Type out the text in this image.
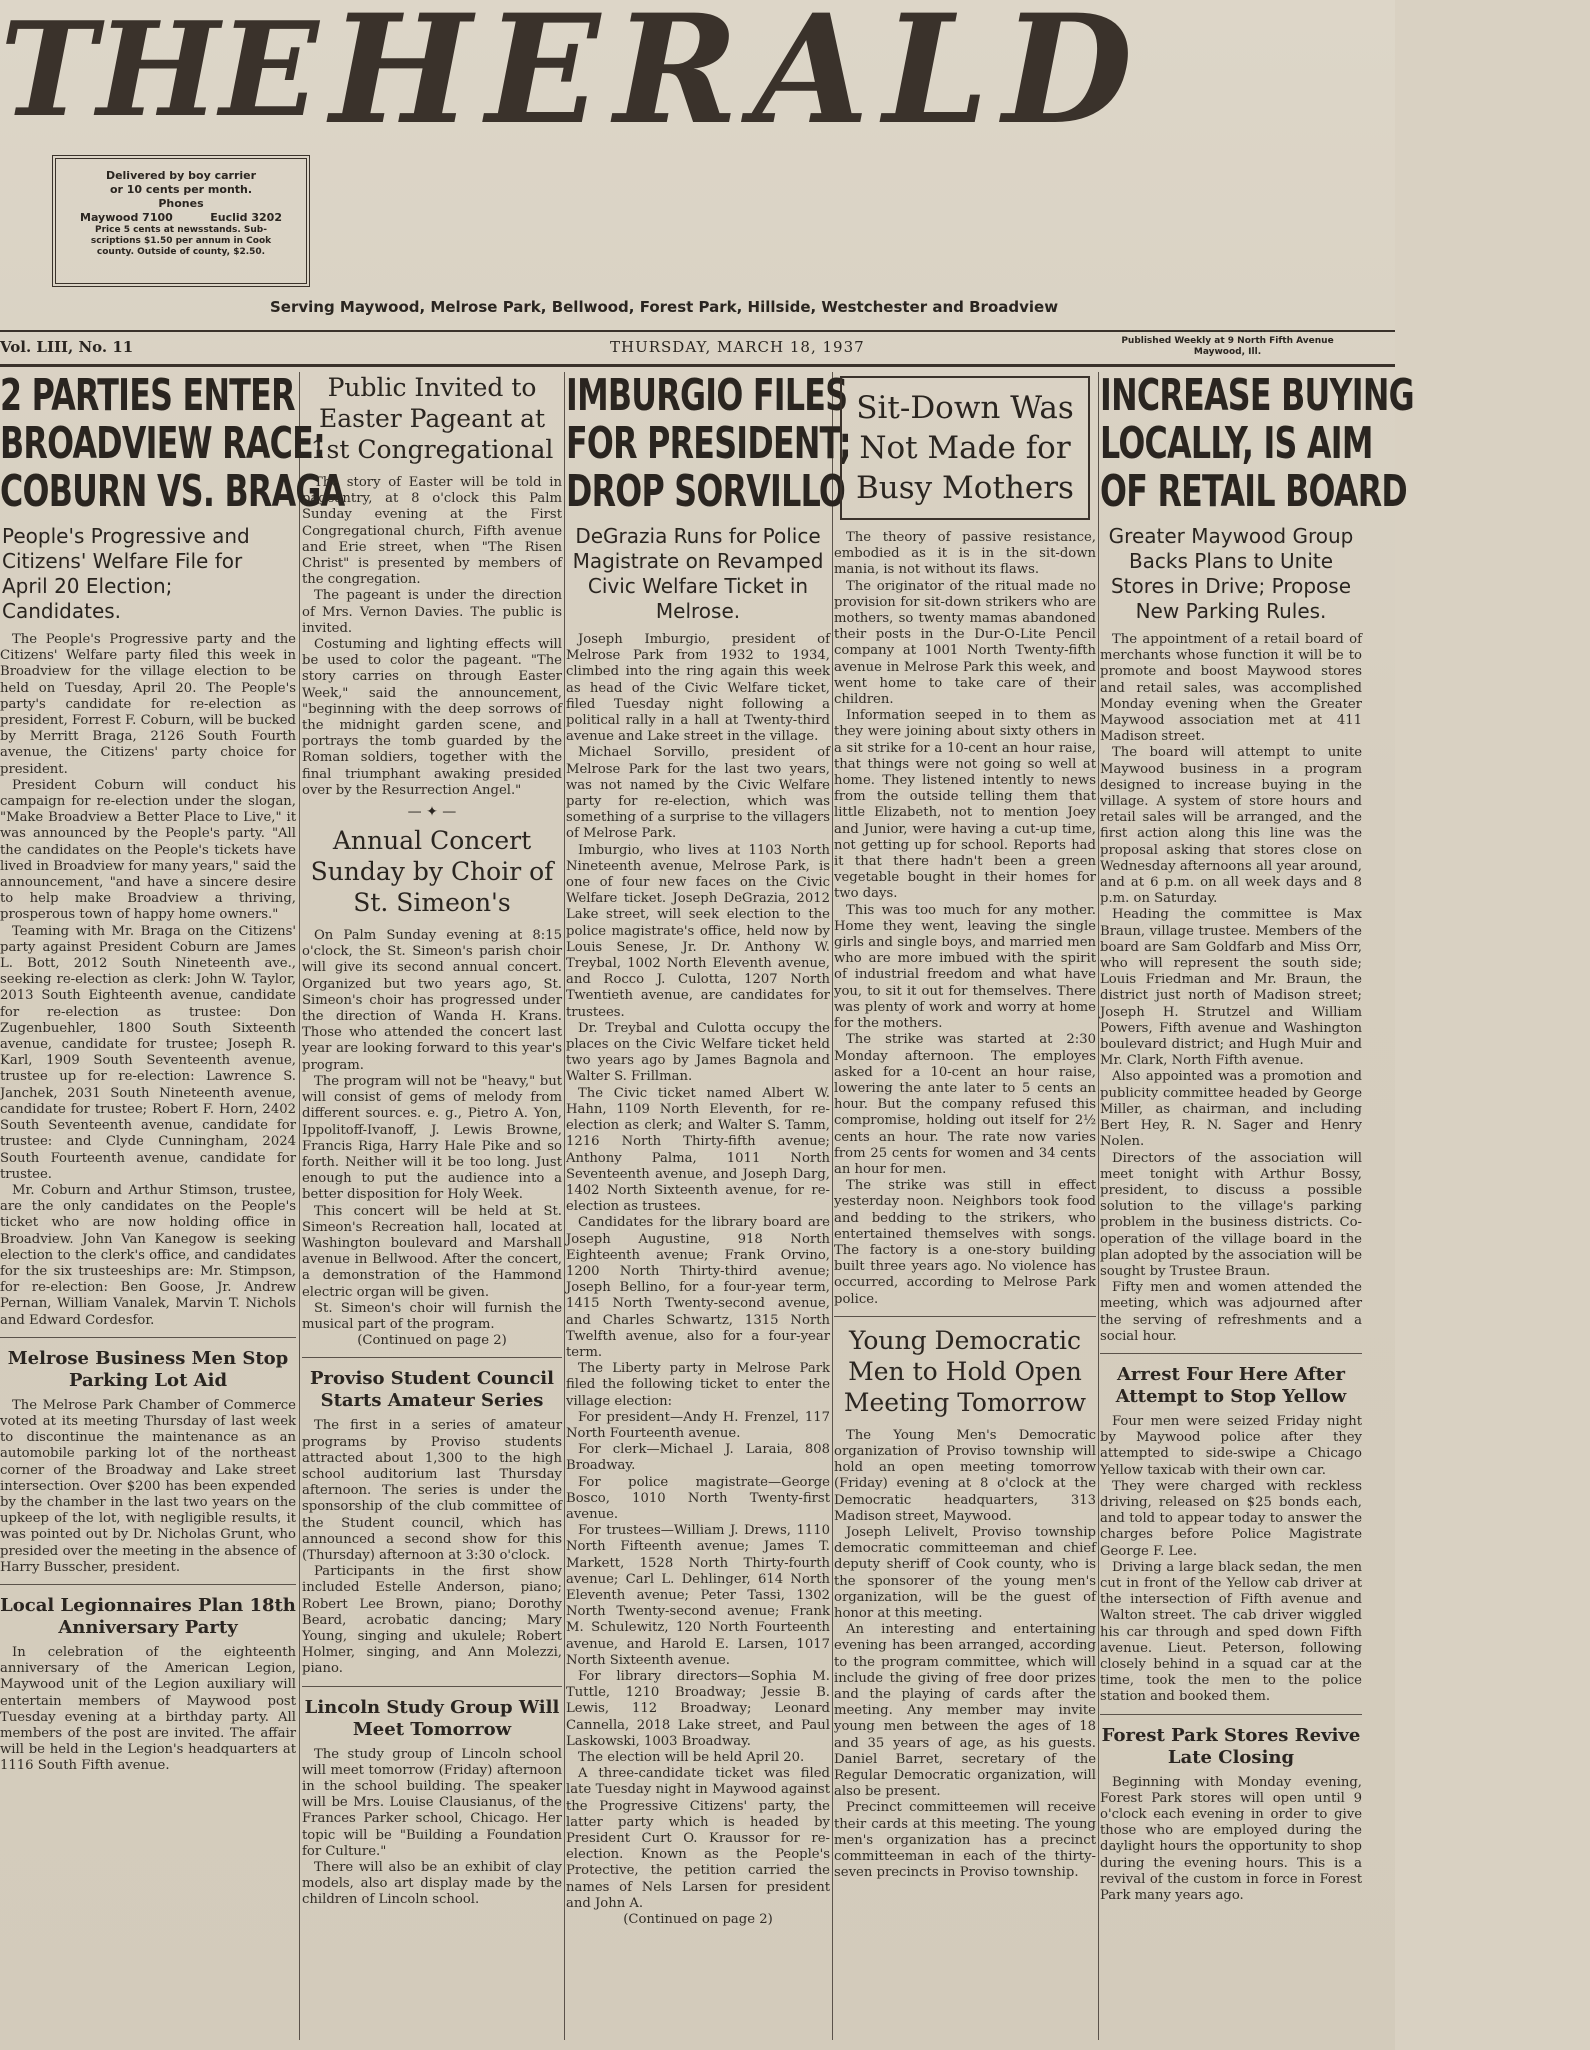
THE HERALD
Delivered by boy carrier
or 10 cents per month.
Phones
Maywood 7100	Euclid 3202
Price 5 cents at newsstands. Sub-
scriptions $1.50 per annum in Cook
county. Outside of county, $2.50.
Serving Maywood, Melrose Park, Bellwood, Forest Park, Hillside, Westchester and Broadview
Vol. LIII, No. 11	THURSDAY, MARCH 18, 1937	Published Weekly at 9 North Fifth Avenue
Maywood, Ill.
2 PARTIES ENTER
BROADVIEW RACE:
COBURN VS. BRAGA
People's Progressive and Citizens' Welfare File for April 20 Election; Candidates.

The People's Progressive party and the Citizens' Welfare party filed this week in Broadview for the village election to be held on Tuesday, April 20. The People's party's candidate for re-election as president, Forrest F. Coburn, will be bucked by Merritt Braga, 2126 South Fourth avenue, the Citizens' party choice for president.

President Coburn will conduct his campaign for re-election under the slogan, "Make Broadview a Better Place to Live," it was announced by the People's party. "All the candidates on the People's tickets have lived in Broadview for many years," said the announcement, "and have a sincere desire to help make Broadview a thriving, prosperous town of happy home owners."

Teaming with Mr. Braga on the Citizens' party against President Coburn are James L. Bott, 2012 South Nineteenth ave., seeking re-election as clerk: John W. Taylor, 2013 South Eighteenth avenue, candidate for re-election as trustee: Don Zugenbuehler, 1800 South Sixteenth avenue, candidate for trustee; Joseph R. Karl, 1909 South Seventeenth avenue, trustee up for re-election: Lawrence S. Janchek, 2031 South Nineteenth avenue, candidate for trustee; Robert F. Horn, 2402 South Seventeenth avenue, candidate for trustee: and Clyde Cunningham, 2024 South Fourteenth avenue, candidate for trustee.

Mr. Coburn and Arthur Stimson, trustee, are the only candidates on the People's ticket who are now holding office in Broadview. John Van Kanegow is seeking election to the clerk's office, and candidates for the six trusteeships are: Mr. Stimpson, for re-election: Ben Goose, Jr. Andrew Pernan, William Vanalek, Marvin T. Nichols and Edward Cordesfor.

Melrose Business Men Stop Parking Lot Aid

The Melrose Park Chamber of Commerce voted at its meeting Thursday of last week to discontinue the maintenance as an automobile parking lot of the northeast corner of the Broadway and Lake street intersection. Over $200 has been expended by the chamber in the last two years on the upkeep of the lot, with negligible results, it was pointed out by Dr. Nicholas Grunt, who presided over the meeting in the absence of Harry Busscher, president.

Local Legionnaires Plan 18th Anniversary Party

In celebration of the eighteenth anniversary of the American Legion, Maywood unit of the Legion auxiliary will entertain members of Maywood post Tuesday evening at a birthday party. All members of the post are invited. The affair will be held in the Legion's headquarters at 1116 South Fifth avenue.

Public Invited to Easter Pageant at 1st Congregational

The story of Easter will be told in pageantry, at 8 o'clock this Palm Sunday evening at the First Congregational church, Fifth avenue and Erie street, when "The Risen Christ" is presented by members of the congregation.

The pageant is under the direction of Mrs. Vernon Davies. The public is invited.

Costuming and lighting effects will be used to color the pageant. "The story carries on through Easter Week," said the announcement, "beginning with the deep sorrows of the midnight garden scene, and portrays the tomb guarded by the Roman soldiers, together with the final triumphant awaking presided over by the Resurrection Angel."

— ✦ —
Annual Concert Sunday by Choir of St. Simeon's

On Palm Sunday evening at 8:15 o'clock, the St. Simeon's parish choir will give its second annual concert. Organized but two years ago, St. Simeon's choir has progressed under the direction of Wanda H. Krans. Those who attended the concert last year are looking forward to this year's program.

The program will not be "heavy," but will consist of gems of melody from different sources. e. g., Pietro A. Yon, Ippolitoff-Ivanoff, J. Lewis Browne, Francis Riga, Harry Hale Pike and so forth. Neither will it be too long. Just enough to put the audience into a better disposition for Holy Week.

This concert will be held at St. Simeon's Recreation hall, located at Washington boulevard and Marshall avenue in Bellwood. After the concert, a demonstration of the Hammond electric organ will be given.

St. Simeon's choir will furnish the musical part of the program.

(Continued on page 2)
Proviso Student Council Starts Amateur Series

The first in a series of amateur programs by Proviso students attracted about 1,300 to the high school auditorium last Thursday afternoon. The series is under the sponsorship of the club committee of the Student council, which has announced a second show for this (Thursday) afternoon at 3:30 o'clock.

Participants in the first show included Estelle Anderson, piano; Robert Lee Brown, piano; Dorothy Beard, acrobatic dancing; Mary Young, singing and ukulele; Robert Holmer, singing, and Ann Molezzi, piano.

Lincoln Study Group Will Meet Tomorrow

The study group of Lincoln school will meet tomorrow (Friday) afternoon in the school building. The speaker will be Mrs. Louise Clausianus, of the Frances Parker school, Chicago. Her topic will be "Building a Foundation for Culture."

There will also be an exhibit of clay models, also art display made by the children of Lincoln school.

IMBURGIO FILES
FOR PRESIDENT;
DROP SORVILLO
DeGrazia Runs for Police Magistrate on Revamped Civic Welfare Ticket in Melrose.

Joseph Imburgio, president of Melrose Park from 1932 to 1934, climbed into the ring again this week as head of the Civic Welfare ticket, filed Tuesday night following a political rally in a hall at Twenty-third avenue and Lake street in the village.

Michael Sorvillo, president of Melrose Park for the last two years, was not named by the Civic Welfare party for re-election, which was something of a surprise to the villagers of Melrose Park.

Imburgio, who lives at 1103 North Nineteenth avenue, Melrose Park, is one of four new faces on the Civic Welfare ticket. Joseph DeGrazia, 2012 Lake street, will seek election to the police magistrate's office, held now by Louis Senese, Jr. Dr. Anthony W. Treybal, 1002 North Eleventh avenue, and Rocco J. Culotta, 1207 North Twentieth avenue, are candidates for trustees.

Dr. Treybal and Culotta occupy the places on the Civic Welfare ticket held two years ago by James Bagnola and Walter S. Frillman.

The Civic ticket named Albert W. Hahn, 1109 North Eleventh, for re-election as clerk; and Walter S. Tamm, 1216 North Thirty-fifth avenue; Anthony Palma, 1011 North Seventeenth avenue, and Joseph Darg, 1402 North Sixteenth avenue, for re-election as trustees.

Candidates for the library board are Joseph Augustine, 918 North Eighteenth avenue; Frank Orvino, 1200 North Thirty-third avenue; Joseph Bellino, for a four-year term, 1415 North Twenty-second avenue, and Charles Schwartz, 1315 North Twelfth avenue, also for a four-year term.

The Liberty party in Melrose Park filed the following ticket to enter the village election:

For president—Andy H. Frenzel, 117 North Fourteenth avenue.

For clerk—Michael J. Laraia, 808 Broadway.

For police magistrate—George Bosco, 1010 North Twenty-first avenue.

For trustees—William J. Drews, 1110 North Fifteenth avenue; James T. Markett, 1528 North Thirty-fourth avenue; Carl L. Dehlinger, 614 North Eleventh avenue; Peter Tassi, 1302 North Twenty-second avenue; Frank M. Schulewitz, 120 North Fourteenth avenue, and Harold E. Larsen, 1017 North Sixteenth avenue.

For library directors—Sophia M. Tuttle, 1210 Broadway; Jessie B. Lewis, 112 Broadway; Leonard Cannella, 2018 Lake street, and Paul Laskowski, 1003 Broadway.

The election will be held April 20.

A three-candidate ticket was filed late Tuesday night in Maywood against the Progressive Citizens' party, the latter party which is headed by President Curt O. Kraussor for re-election. Known as the People's Protective, the petition carried the names of Nels Larsen for president and John A.

(Continued on page 2)
Sit-Down Was Not Made for Busy Mothers

The theory of passive resistance, embodied as it is in the sit-down mania, is not without its flaws.

The originator of the ritual made no provision for sit-down strikers who are mothers, so twenty mamas abandoned their posts in the Dur-O-Lite Pencil company at 1001 North Twenty-fifth avenue in Melrose Park this week, and went home to take care of their children.

Information seeped in to them as they were joining about sixty others in a sit strike for a 10-cent an hour raise, that things were not going so well at home. They listened intently to news from the outside telling them that little Elizabeth, not to mention Joey and Junior, were having a cut-up time, not getting up for school. Reports had it that there hadn't been a green vegetable bought in their homes for two days.

This was too much for any mother. Home they went, leaving the single girls and single boys, and married men who are more imbued with the spirit of industrial freedom and what have you, to sit it out for themselves. There was plenty of work and worry at home for the mothers.

The strike was started at 2:30 Monday afternoon. The employes asked for a 10-cent an hour raise, lowering the ante later to 5 cents an hour. But the company refused this compromise, holding out itself for 2½ cents an hour. The rate now varies from 25 cents for women and 34 cents an hour for men.

The strike was still in effect yesterday noon. Neighbors took food and bedding to the strikers, who entertained themselves with songs. The factory is a one-story building built three years ago. No violence has occurred, according to Melrose Park police.

Young Democratic Men to Hold Open Meeting Tomorrow

The Young Men's Democratic organization of Proviso township will hold an open meeting tomorrow (Friday) evening at 8 o'clock at the Democratic headquarters, 313 Madison street, Maywood.

Joseph Lelivelt, Proviso township democratic committeeman and chief deputy sheriff of Cook county, who is the sponsorer of the young men's organization, will be the guest of honor at this meeting.

An interesting and entertaining evening has been arranged, according to the program committee, which will include the giving of free door prizes and the playing of cards after the meeting. Any member may invite young men between the ages of 18 and 35 years of age, as his guests. Daniel Barret, secretary of the Regular Democratic organization, will also be present.

Precinct committeemen will receive their cards at this meeting. The young men's organization has a precinct committeeman in each of the thirty-seven precincts in Proviso township.

INCREASE BUYING
LOCALLY, IS AIM
OF RETAIL BOARD
Greater Maywood Group Backs Plans to Unite Stores in Drive; Propose New Parking Rules.

The appointment of a retail board of merchants whose function it will be to promote and boost Maywood stores and retail sales, was accomplished Monday evening when the Greater Maywood association met at 411 Madison street.

The board will attempt to unite Maywood business in a program designed to increase buying in the village. A system of store hours and retail sales will be arranged, and the first action along this line was the proposal asking that stores close on Wednesday afternoons all year around, and at 6 p.m. on all week days and 8 p.m. on Saturday.

Heading the committee is Max Braun, village trustee. Members of the board are Sam Goldfarb and Miss Orr, who will represent the south side; Louis Friedman and Mr. Braun, the district just north of Madison street; Joseph H. Strutzel and William Powers, Fifth avenue and Washington boulevard district; and Hugh Muir and Mr. Clark, North Fifth avenue.

Also appointed was a promotion and publicity committee headed by George Miller, as chairman, and including Bert Hey, R. N. Sager and Henry Nolen.

Directors of the association will meet tonight with Arthur Bossy, president, to discuss a possible solution to the village's parking problem in the business districts. Co-operation of the village board in the plan adopted by the association will be sought by Trustee Braun.

Fifty men and women attended the meeting, which was adjourned after the serving of refreshments and a social hour.

Arrest Four Here After Attempt to Stop Yellow

Four men were seized Friday night by Maywood police after they attempted to side-swipe a Chicago Yellow taxicab with their own car.

They were charged with reckless driving, released on $25 bonds each, and told to appear today to answer the charges before Police Magistrate George F. Lee.

Driving a large black sedan, the men cut in front of the Yellow cab driver at the intersection of Fifth avenue and Walton street. The cab driver wiggled his car through and sped down Fifth avenue. Lieut. Peterson, following closely behind in a squad car at the time, took the men to the police station and booked them.

Forest Park Stores Revive Late Closing

Beginning with Monday evening, Forest Park stores will open until 9 o'clock each evening in order to give those who are employed during the daylight hours the opportunity to shop during the evening hours. This is a revival of the custom in force in Forest Park many years ago.
